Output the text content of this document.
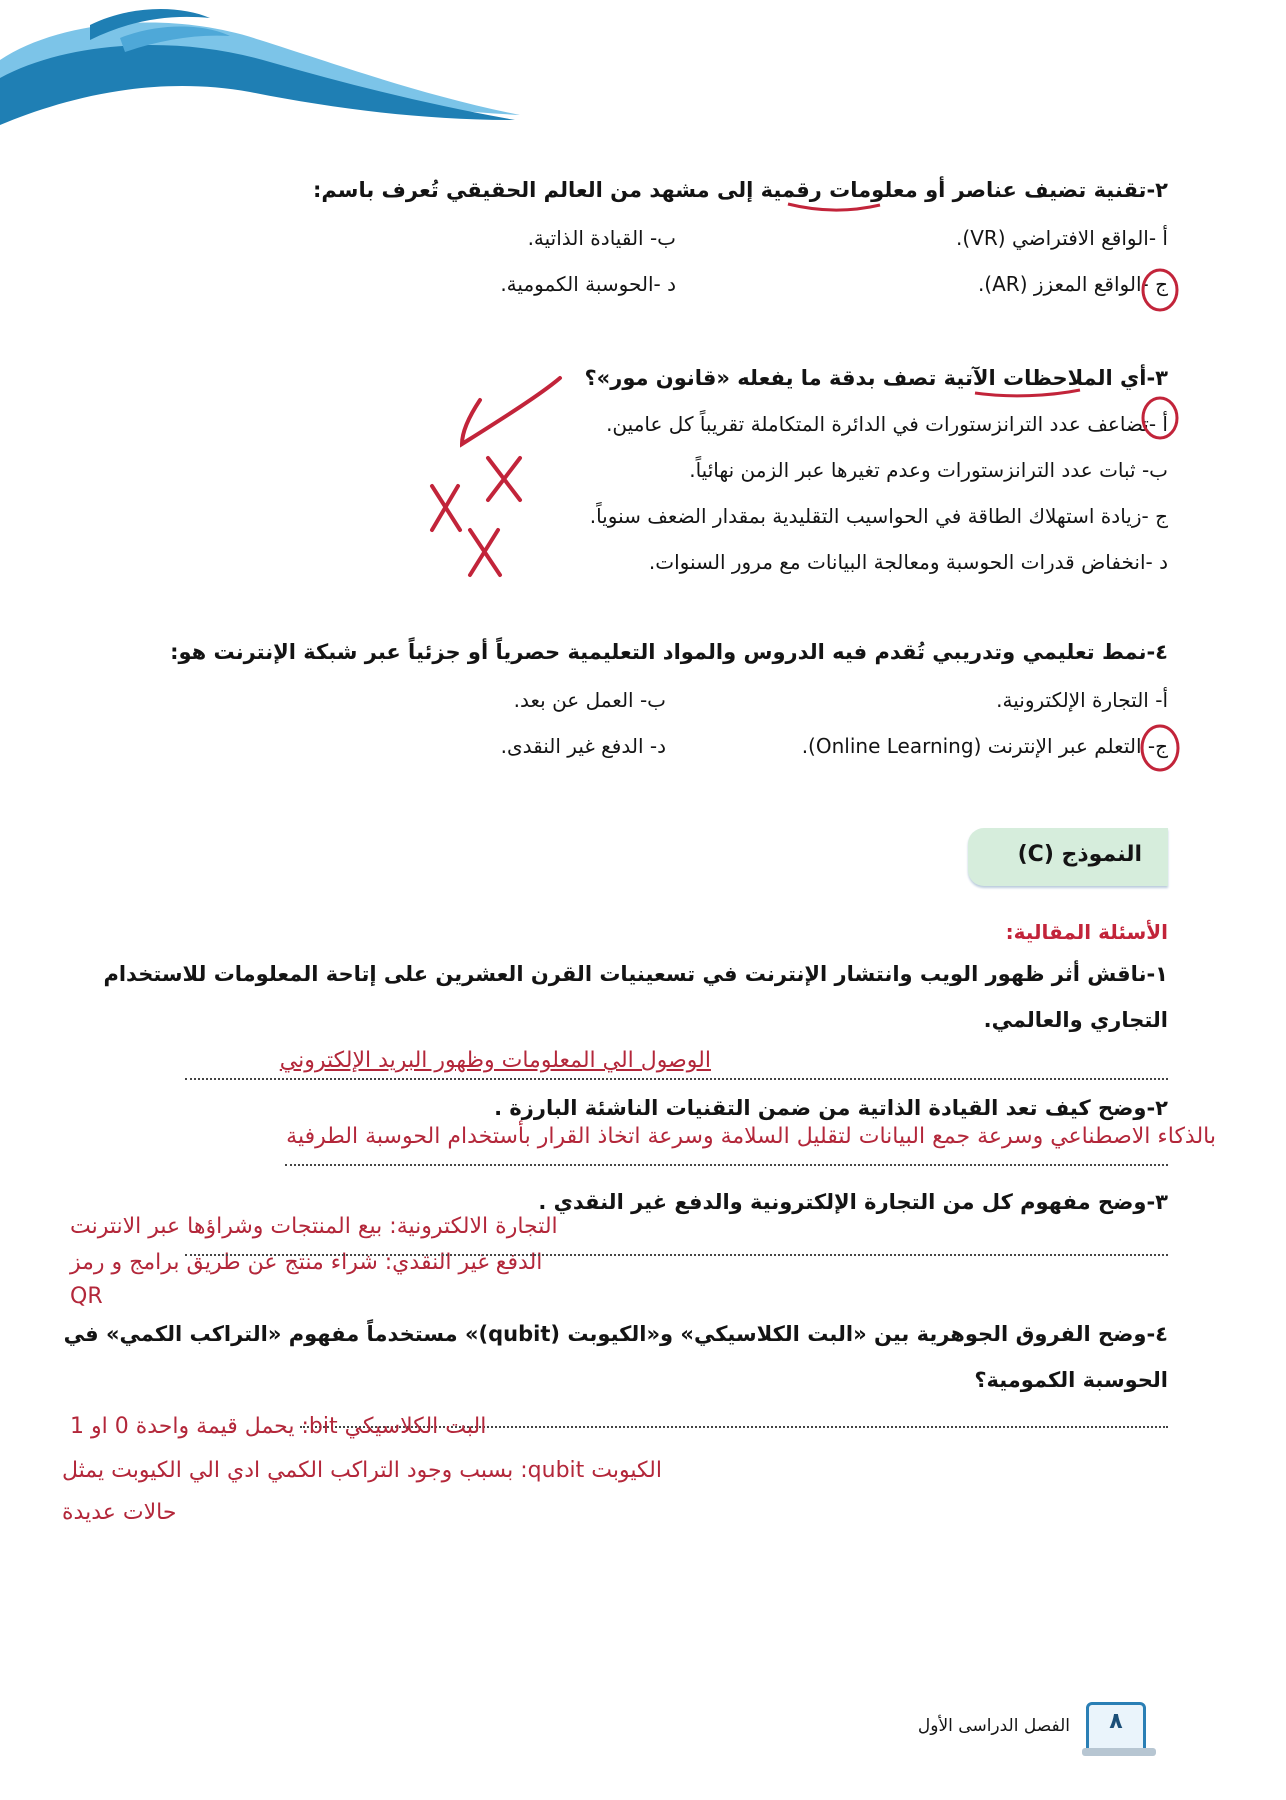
٢-تقنية تضيف عناصر أو معلومات رقمية إلى مشهد من العالم الحقيقي تُعرف باسم:
أ -الواقع الافتراضي (VR).
ب- القيادة الذاتية.
ج -الواقع المعزز (AR).
د -الحوسبة الكمومية.
٣-أي الملاحظات الآتية تصف بدقة ما يفعله «قانون مور»؟
أ -تضاعف عدد الترانزستورات في الدائرة المتكاملة تقريباً كل عامين.
ب- ثبات عدد الترانزستورات وعدم تغيرها عبر الزمن نهائياً.
ج -زيادة استهلاك الطاقة في الحواسيب التقليدية بمقدار الضعف سنوياً.
د -انخفاض قدرات الحوسبة ومعالجة البيانات مع مرور السنوات.
٤-نمط تعليمي وتدريبي تُقدم فيه الدروس والمواد التعليمية حصرياً أو جزئياً عبر شبكة الإنترنت هو:
أ- التجارة الإلكترونية.
ب- العمل عن بعد.
ج- التعلم عبر الإنترنت (Online Learning).
د- الدفع غير النقدى.
النموذج (C)
الأسئلة المقالية:
١-ناقش أثر ظهور الويب وانتشار الإنترنت في تسعينيات القرن العشرين على إتاحة المعلومات للاستخدام
التجاري والعالمي.
الوصول الي المعلومات وظهور البريد الإلكتروني
٢-وضح كيف تعد القيادة الذاتية من ضمن التقنيات الناشئة البارزة .
بالذكاء الاصطناعي وسرعة جمع البيانات لتقليل السلامة وسرعة اتخاذ القرار بأستخدام الحوسبة الطرفية
٣-وضح مفهوم كل من التجارة الإلكترونية والدفع غير النقدي .
التجارة الالكترونية: بيع المنتجات وشراؤها عبر الانترنت
الدفع غير النقدي: شراء منتج عن طريق برامج و رمز
QR
٤-وضح الفروق الجوهرية بين «البت الكلاسيكي» و«الكيوبت (qubit)» مستخدماً مفهوم «التراكب الكمي» في
الحوسبة الكمومية؟
البت الكلاسيكي bit: يحمل قيمة واحدة 0 او 1
الكيوبت qubit: بسبب وجود التراكب الكمي ادي الي الكيوبت يمثل
حالات عديدة
الفصل الدراسى الأول	٨
